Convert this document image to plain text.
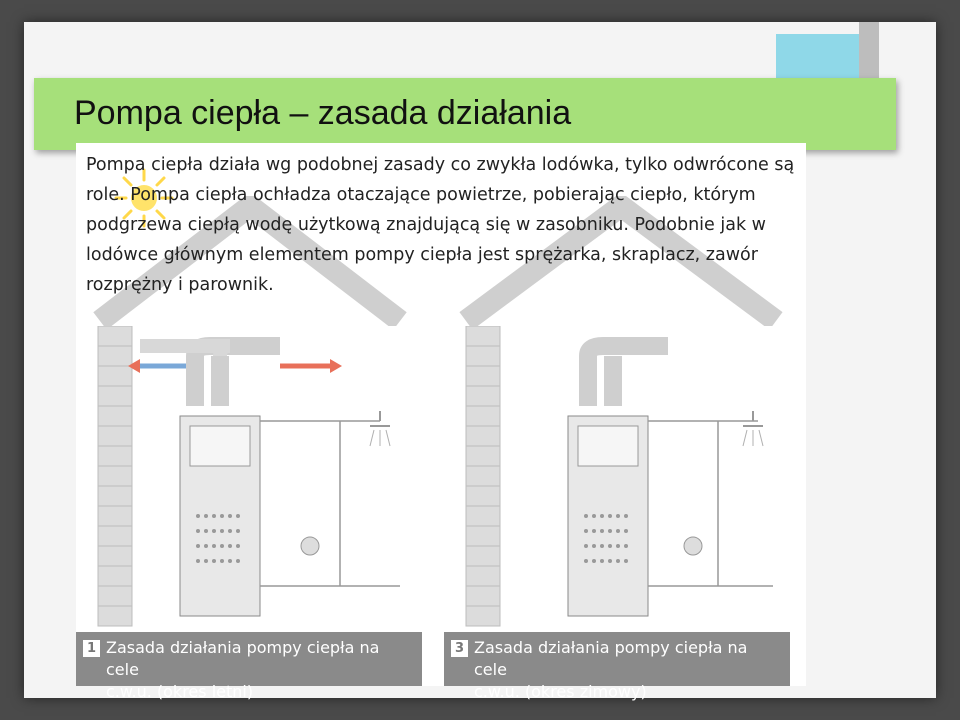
Pompa ciepła – zasada działania

Pompa ciepła działa wg podobnej zasady co zwykła lodówka, tylko odwrócone są
role. Pompa ciepła ochładza otaczające powietrze, pobierając ciepło, którym
podgrzewa ciepłą wodę użytkową znajdującą się w zasobniku. Podobnie jak w
lodówce głównym elementem pompy ciepła jest sprężarka, skraplacz, zawór
rozprężny i parownik.

1 Zasada działania pompy ciepła na cele
c.w.u. (okres letni)
3 Zasada działania pompy ciepła na cele
c.w.u. (okres zimowy)
